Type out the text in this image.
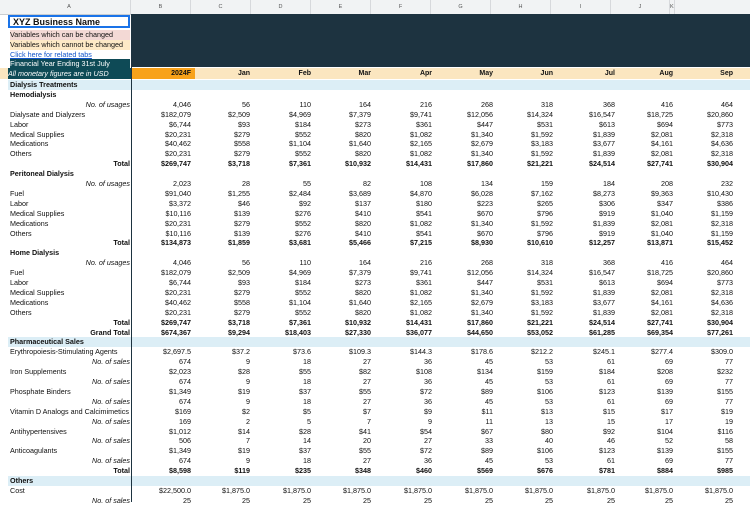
A	B	C	D	E	F	G	H	I	J	K
XYZ Business Name
Variables which can be changed
Variables which cannot be changed
Click here for related tabs
Financial Year Ending 31st July
All monetary figures are in USD	2024F	Jan	Feb	Mar	Apr	May	Jun	Jul	Aug	Sep
Dialysis Treatments
Hemodialysis
No. of usages	4,046	56	110	164	216	268	318	368	416	464
Dialysate and Dialyzers	$182,079	$2,509	$4,969	$7,379	$9,741	$12,056	$14,324	$16,547	$18,725	$20,860
Labor	$6,744	$93	$184	$273	$361	$447	$531	$613	$694	$773
Medical Supplies	$20,231	$279	$552	$820	$1,082	$1,340	$1,592	$1,839	$2,081	$2,318
Medications	$40,462	$558	$1,104	$1,640	$2,165	$2,679	$3,183	$3,677	$4,161	$4,636
Others	$20,231	$279	$552	$820	$1,082	$1,340	$1,592	$1,839	$2,081	$2,318
Total	$269,747	$3,718	$7,361	$10,932	$14,431	$17,860	$21,221	$24,514	$27,741	$30,904
Peritoneal Dialysis
No. of usages	2,023	28	55	82	108	134	159	184	208	232
Fuel	$91,040	$1,255	$2,484	$3,689	$4,870	$6,028	$7,162	$8,273	$9,363	$10,430
Labor	$3,372	$46	$92	$137	$180	$223	$265	$306	$347	$386
Medical Supplies	$10,116	$139	$276	$410	$541	$670	$796	$919	$1,040	$1,159
Medications	$20,231	$279	$552	$820	$1,082	$1,340	$1,592	$1,839	$2,081	$2,318
Others	$10,116	$139	$276	$410	$541	$670	$796	$919	$1,040	$1,159
Total	$134,873	$1,859	$3,681	$5,466	$7,215	$8,930	$10,610	$12,257	$13,871	$15,452
Home Dialysis
No. of usages	4,046	56	110	164	216	268	318	368	416	464
Fuel	$182,079	$2,509	$4,969	$7,379	$9,741	$12,056	$14,324	$16,547	$18,725	$20,860
Labor	$6,744	$93	$184	$273	$361	$447	$531	$613	$694	$773
Medical Supplies	$20,231	$279	$552	$820	$1,082	$1,340	$1,592	$1,839	$2,081	$2,318
Medications	$40,462	$558	$1,104	$1,640	$2,165	$2,679	$3,183	$3,677	$4,161	$4,636
Others	$20,231	$279	$552	$820	$1,082	$1,340	$1,592	$1,839	$2,081	$2,318
Total	$269,747	$3,718	$7,361	$10,932	$14,431	$17,860	$21,221	$24,514	$27,741	$30,904
Grand Total	$674,367	$9,294	$18,403	$27,330	$36,077	$44,650	$53,052	$61,285	$69,354	$77,261
Pharmaceutical Sales
Erythropoiesis-Stimulating Agents	$2,697.5	$37.2	$73.6	$109.3	$144.3	$178.6	$212.2	$245.1	$277.4	$309.0
No. of sales	674	9	18	27	36	45	53	61	69	77
Iron Supplements	$2,023	$28	$55	$82	$108	$134	$159	$184	$208	$232
No. of sales	674	9	18	27	36	45	53	61	69	77
Phosphate Binders	$1,349	$19	$37	$55	$72	$89	$106	$123	$139	$155
No. of sales	674	9	18	27	36	45	53	61	69	77
Vitamin D Analogs and Calcimimetics	$169	$2	$5	$7	$9	$11	$13	$15	$17	$19
No. of sales	169	2	5	7	9	11	13	15	17	19
Antihypertensives	$1,012	$14	$28	$41	$54	$67	$80	$92	$104	$116
No. of sales	506	7	14	20	27	33	40	46	52	58
Anticoagulants	$1,349	$19	$37	$55	$72	$89	$106	$123	$139	$155
No. of sales	674	9	18	27	36	45	53	61	69	77
Total	$8,598	$119	$235	$348	$460	$569	$676	$781	$884	$985
Others
Cost	$22,500.0	$1,875.0	$1,875.0	$1,875.0	$1,875.0	$1,875.0	$1,875.0	$1,875.0	$1,875.0	$1,875.0
No. of sales	25	25	25	25	25	25	25	25	25	25
